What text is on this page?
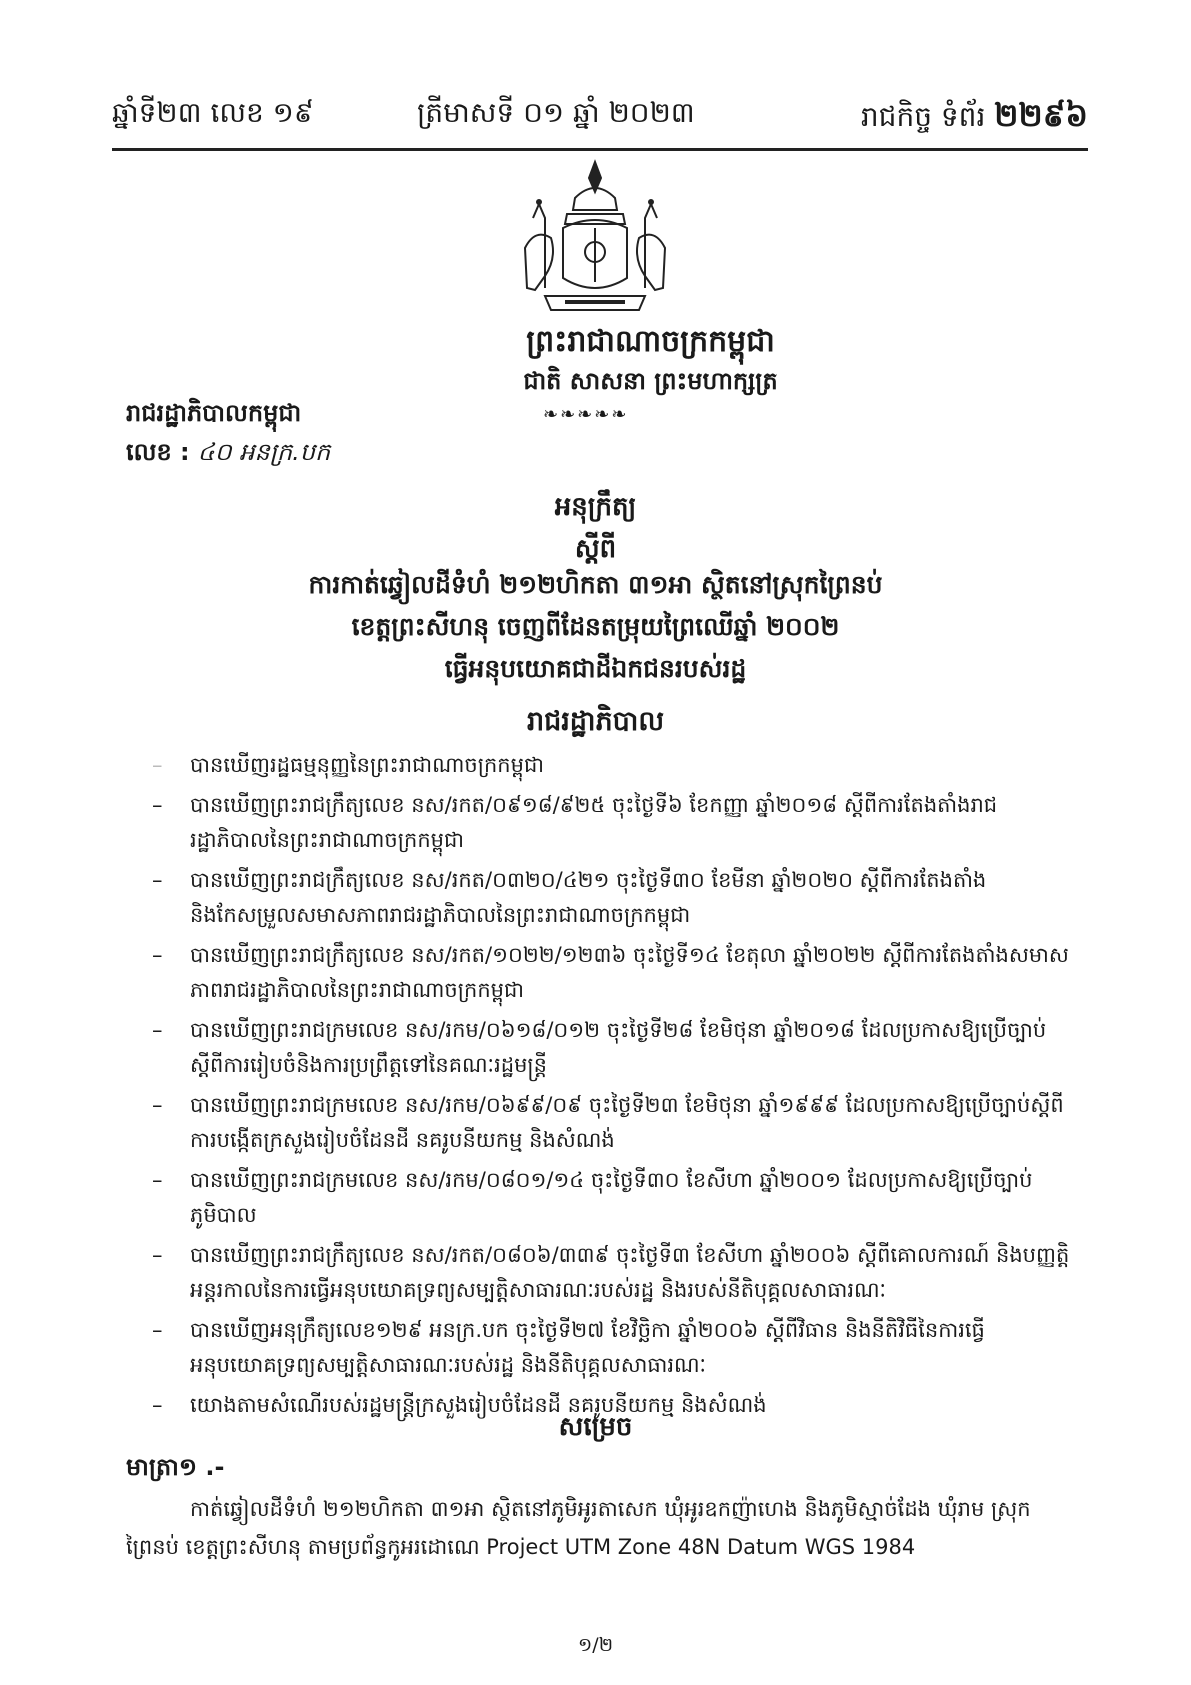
ឆ្នាំទី២៣ លេខ ១៩	ត្រីមាសទី ០១ ឆ្នាំ ២០២៣	រាជកិច្ច ទំព័រ ២២៩៦
ព្រះរាជាណាចក្រកម្ពុជា
ជាតិ សាសនា ព្រះមហាក្សត្រ
❧❧❧❧❧
រាជរដ្ឋាភិបាលកម្ពុជា
លេខ : ៤០ អនក្រ.បក
អនុក្រឹត្យ
ស្តីពី
ការកាត់ឆ្វៀលដីទំហំ ២១២ហិកតា ៣១អា ស្ថិតនៅស្រុកព្រៃនប់
ខេត្តព្រះសីហនុ ចេញពីដែនតម្រុយព្រៃឈើឆ្នាំ ២០០២
ធ្វើអនុបយោគជាដីឯកជនរបស់រដ្ឋ
រាជរដ្ឋាភិបាល
– បានឃើញរដ្ឋធម្មនុញ្ញនៃព្រះរាជាណាចក្រកម្ពុជា
– បានឃើញព្រះរាជក្រឹត្យលេខ នស/រកត/០៩១៨/៩២៥ ចុះថ្ងៃទី៦ ខែកញ្ញា ឆ្នាំ២០១៨ ស្តីពីការតែងតាំងរាជរដ្ឋាភិបាលនៃព្រះរាជាណាចក្រកម្ពុជា
– បានឃើញព្រះរាជក្រឹត្យលេខ នស/រកត/០៣២០/៤២១ ចុះថ្ងៃទី៣០ ខែមីនា ឆ្នាំ២០២០ ស្តីពីការតែងតាំង និងកែសម្រួលសមាសភាពរាជរដ្ឋាភិបាលនៃព្រះរាជាណាចក្រកម្ពុជា
– បានឃើញព្រះរាជក្រឹត្យលេខ នស/រកត/១០២២/១២៣៦ ចុះថ្ងៃទី១៤ ខែតុលា ឆ្នាំ២០២២ ស្តីពីការតែងតាំងសមាសភាពរាជរដ្ឋាភិបាលនៃព្រះរាជាណាចក្រកម្ពុជា
– បានឃើញព្រះរាជក្រមលេខ នស/រកម/០៦១៨/០១២ ចុះថ្ងៃទី២៨ ខែមិថុនា ឆ្នាំ២០១៨ ដែលប្រកាសឱ្យប្រើច្បាប់ស្តីពីការរៀបចំនិងការប្រព្រឹត្តទៅនៃគណៈរដ្ឋមន្ត្រី
– បានឃើញព្រះរាជក្រមលេខ នស/រកម/០៦៩៩/០៩ ចុះថ្ងៃទី២៣ ខែមិថុនា ឆ្នាំ១៩៩៩ ដែលប្រកាសឱ្យប្រើច្បាប់ស្តីពីការបង្កើតក្រសួងរៀបចំដែនដី នគរូបនីយកម្ម និងសំណង់
– បានឃើញព្រះរាជក្រមលេខ នស/រកម/០៨០១/១៤ ចុះថ្ងៃទី៣០ ខែសីហា ឆ្នាំ២០០១ ដែលប្រកាសឱ្យប្រើច្បាប់ភូមិបាល
– បានឃើញព្រះរាជក្រឹត្យលេខ នស/រកត/០៨០៦/៣៣៩ ចុះថ្ងៃទី៣ ខែសីហា ឆ្នាំ២០០៦ ស្តីពីគោលការណ៍ និងបញ្ញត្តិអន្តរកាលនៃការធ្វើអនុបយោគទ្រព្យសម្បត្តិសាធារណៈរបស់រដ្ឋ និងរបស់នីតិបុគ្គលសាធារណៈ
– បានឃើញអនុក្រឹត្យលេខ១២៩ អនក្រ.បក ចុះថ្ងៃទី២៧ ខែវិច្ឆិកា ឆ្នាំ២០០៦ ស្តីពីវិធាន និងនីតិវិធីនៃការធ្វើអនុបយោគទ្រព្យសម្បត្តិសាធារណៈរបស់រដ្ឋ និងនីតិបុគ្គលសាធារណៈ
– យោងតាមសំណើរបស់រដ្ឋមន្ត្រីក្រសួងរៀបចំដែនដី នគរូបនីយកម្ម និងសំណង់
សម្រេច
មាត្រា១ .-
កាត់ឆ្វៀលដីទំហំ ២១២ហិកតា ៣១អា ស្ថិតនៅភូមិអូរតាសេក ឃុំអូរឧកញ៉ាហេង និងភូមិស្មាច់ដែង ឃុំរាម ស្រុកព្រៃនប់ ខេត្តព្រះសីហនុ តាមប្រព័ន្ធកូអរដោណេ Project UTM Zone 48N Datum WGS 1984
១/២
